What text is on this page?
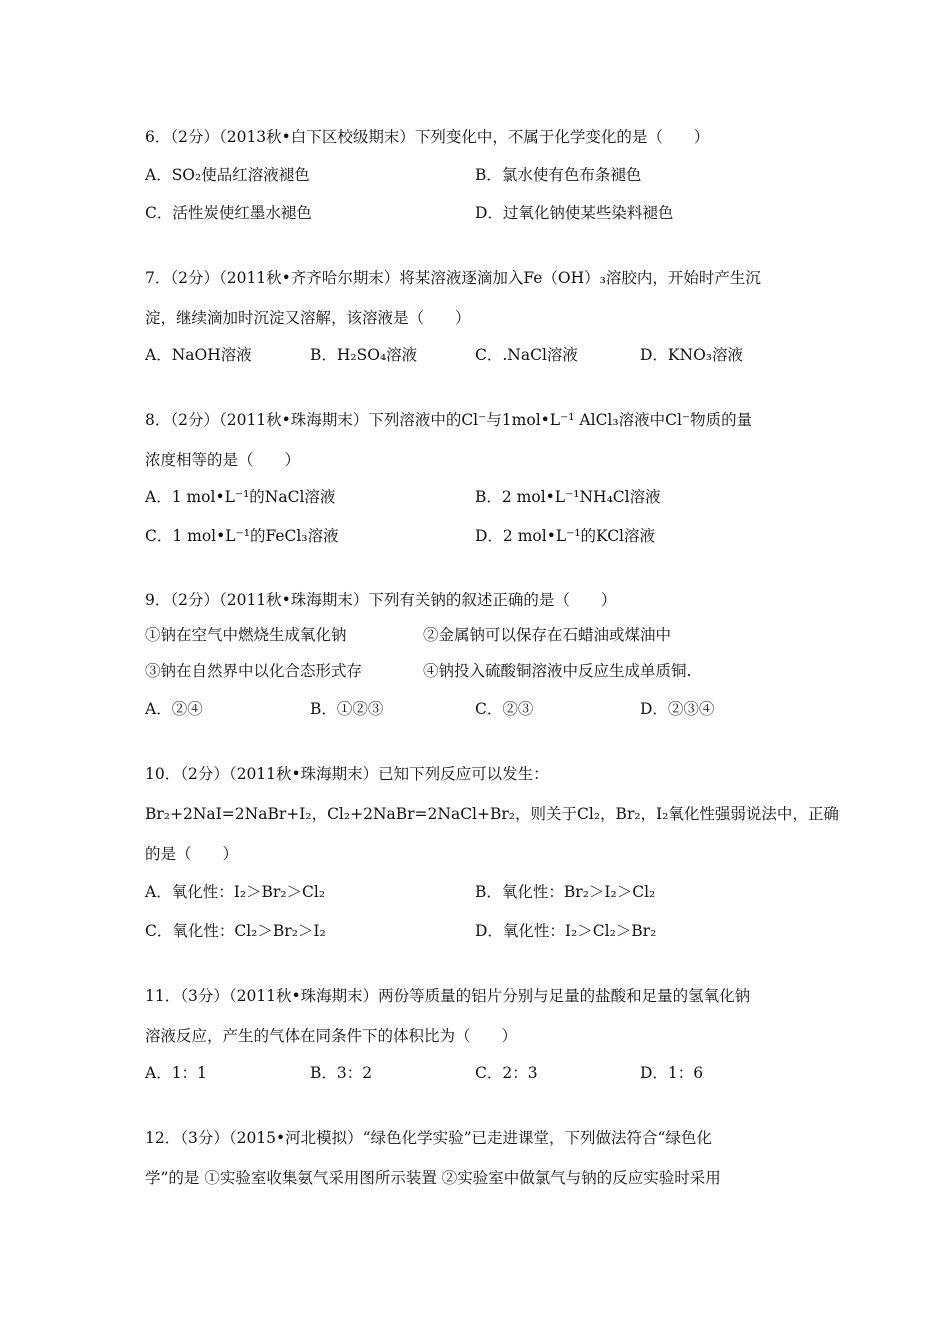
6．（2分）（2013秋•白下区校级期末）下列变化中，不属于化学变化的是（　　）
A．SO₂使品红溶液褪色	B．氯水使有色布条褪色
C．活性炭使红墨水褪色	D．过氧化钠使某些染料褪色
7．（2分）（2011秋•齐齐哈尔期末）将某溶液逐滴加入Fe（OH）₃溶胶内，开始时产生沉
淀，继续滴加时沉淀又溶解，该溶液是（　　）
A．NaOH溶液	B．H₂SO₄溶液	C．.NaCl溶液	D．KNO₃溶液
8．（2分）（2011秋•珠海期末）下列溶液中的Cl⁻与1mol•L⁻¹ AlCl₃溶液中Cl⁻物质的量
浓度相等的是（　　）
A．1 mol•L⁻¹的NaCl溶液	B．2 mol•L⁻¹NH₄Cl溶液
C．1 mol•L⁻¹的FeCl₃溶液	D．2 mol•L⁻¹的KCl溶液
9．（2分）（2011秋•珠海期末）下列有关钠的叙述正确的是（　　）
①钠在空气中燃烧生成氧化钠	②金属钠可以保存在石蜡油或煤油中
③钠在自然界中以化合态形式存	④钠投入硫酸铜溶液中反应生成单质铜.
A．②④	B．①②③	C．②③	D．②③④
10．（2分）（2011秋•珠海期末）已知下列反应可以发生：
Br₂+2NaI=2NaBr+I₂，Cl₂+2NaBr=2NaCl+Br₂，则关于Cl₂，Br₂，I₂氧化性强弱说法中，正确
的是（　　）
A．氧化性：I₂＞Br₂＞Cl₂	B．氧化性：Br₂＞I₂＞Cl₂
C．氧化性：Cl₂＞Br₂＞I₂	D．氧化性：I₂＞Cl₂＞Br₂
11．（3分）（2011秋•珠海期末）两份等质量的铝片分别与足量的盐酸和足量的氢氧化钠
溶液反应，产生的气体在同条件下的体积比为（　　）
A．1：1	B．3：2	C．2：3	D．1：6
12．（3分）（2015•河北模拟）“绿色化学实验”已走进课堂，下列做法符合“绿色化
学”的是 ①实验室收集氨气采用图所示装置 ②实验室中做氯气与钠的反应实验时采用
